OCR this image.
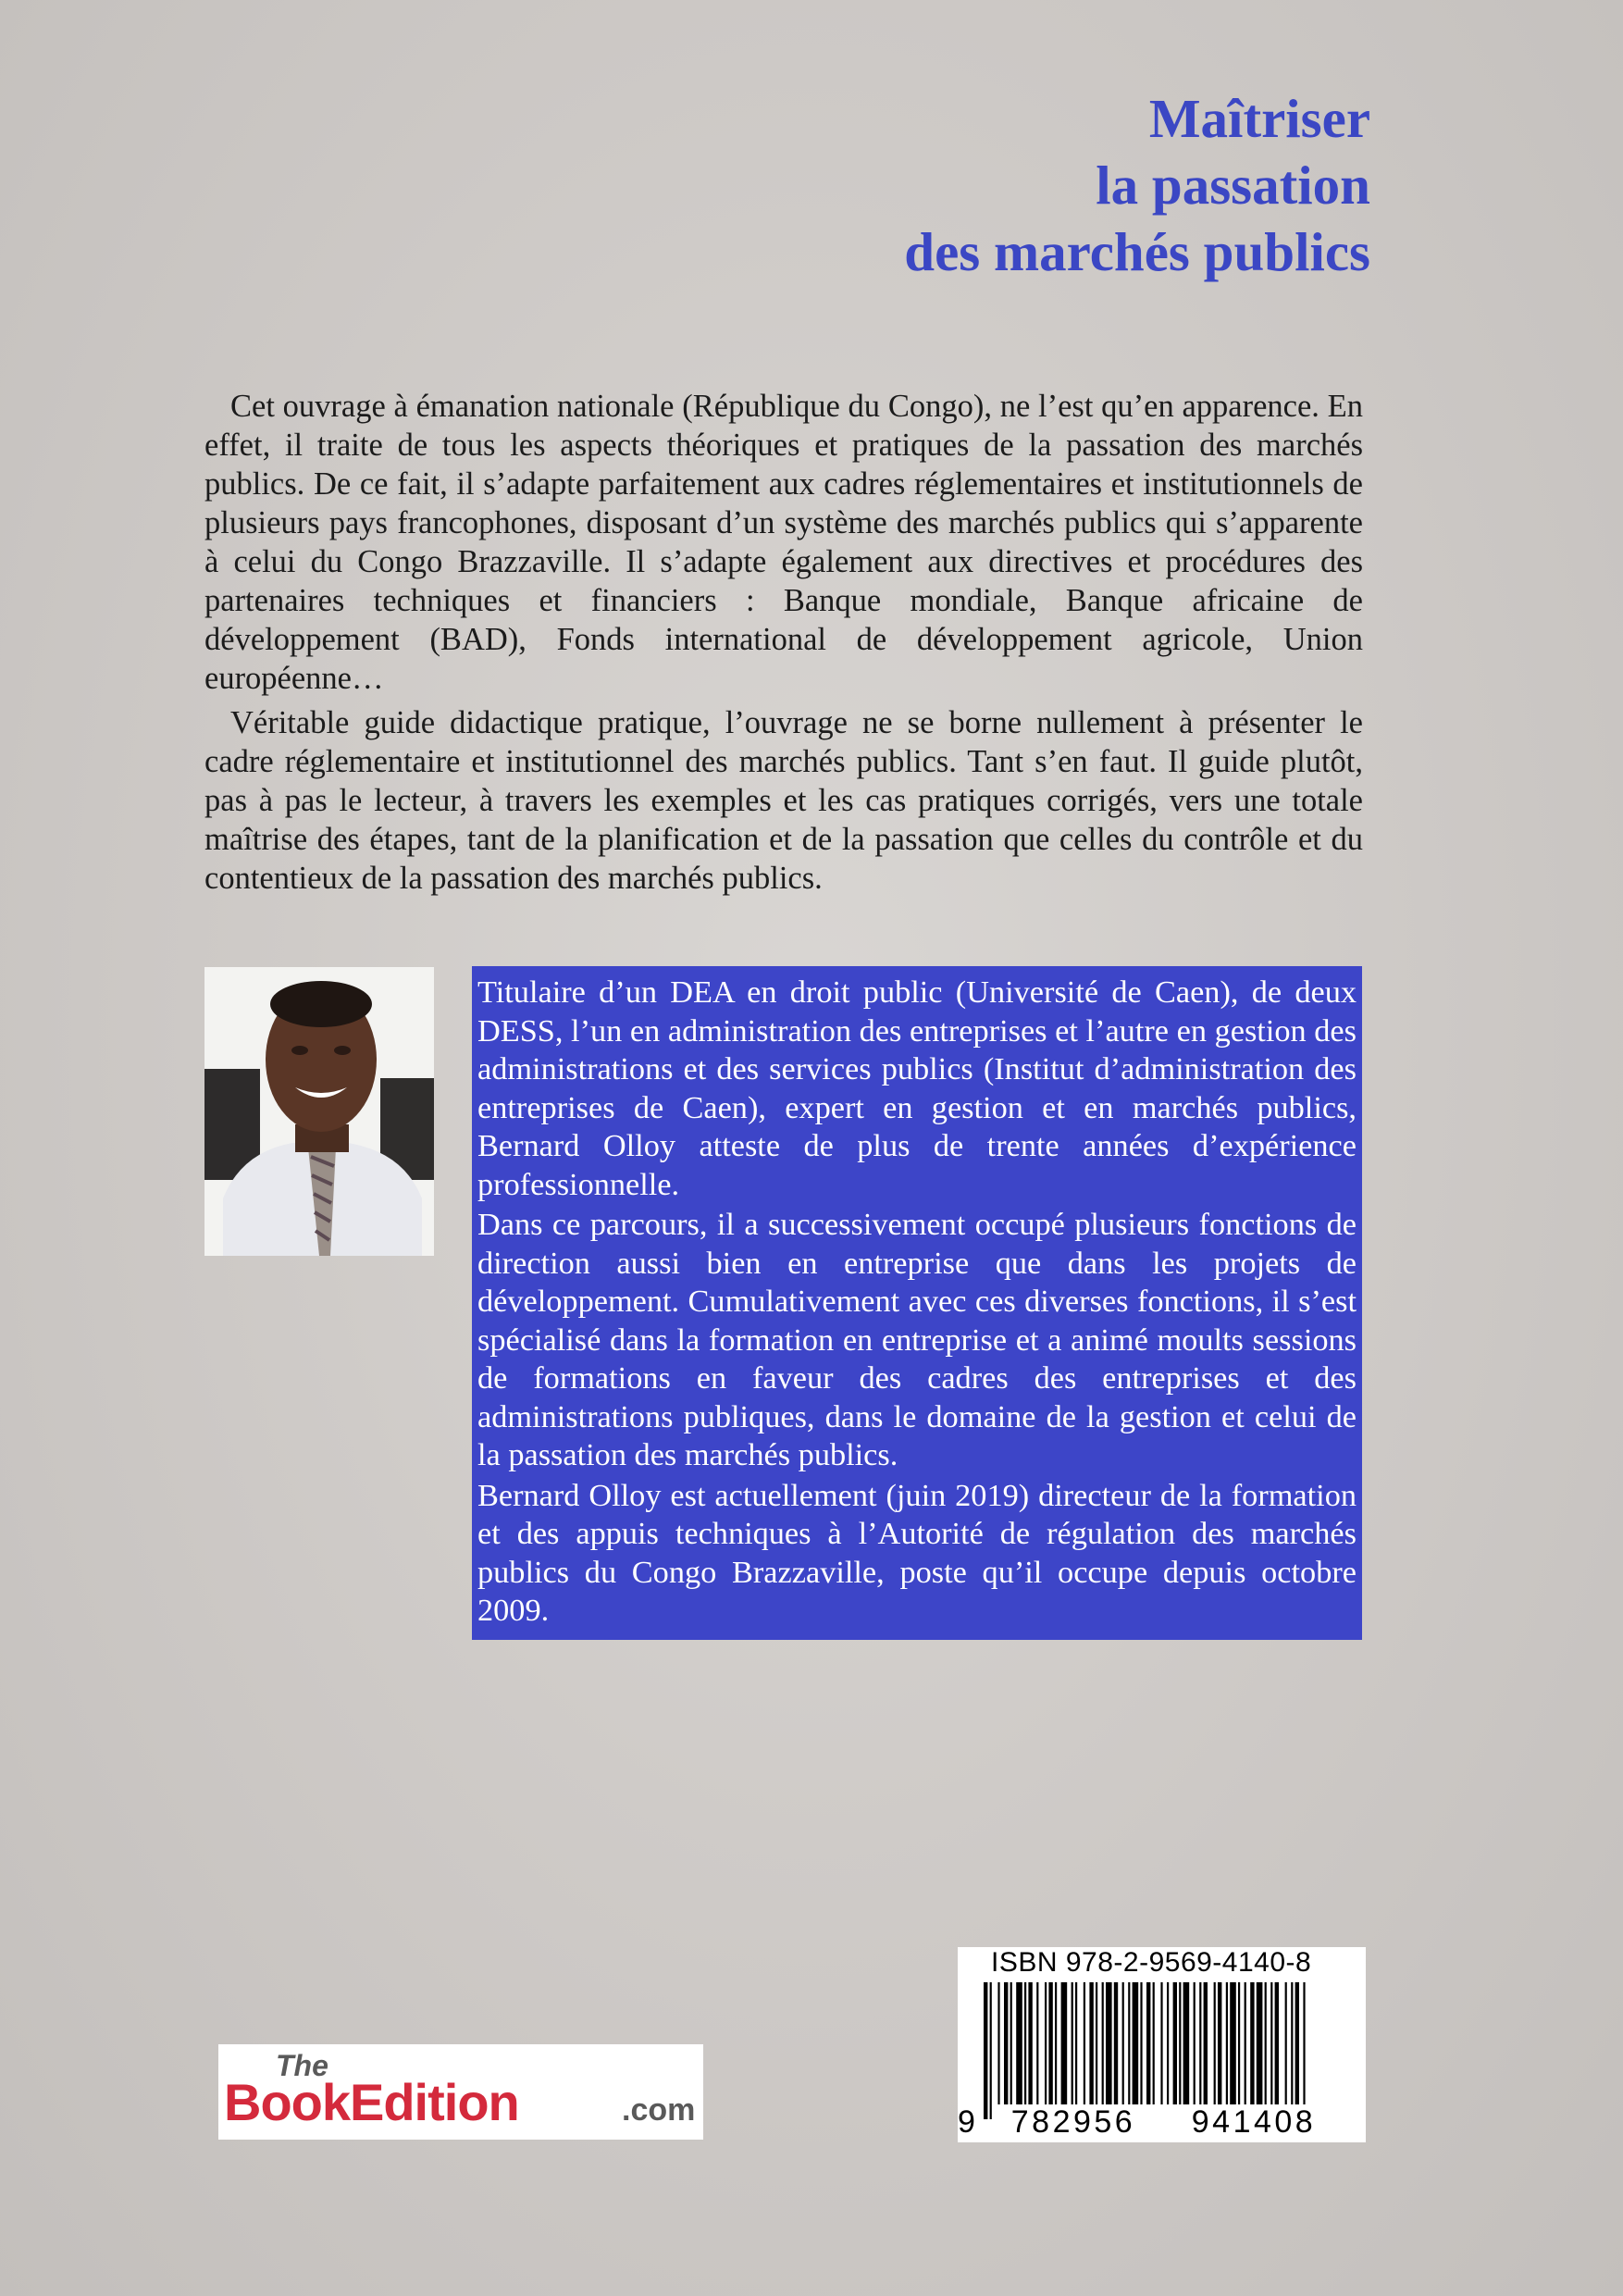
Maîtriser
la passation
des marchés publics

Cet ouvrage à émanation nationale (République du Congo), ne l’est qu’en apparence. En effet, il traite de tous les aspects théoriques et pratiques de la passation des marchés publics. De ce fait, il s’adapte parfaitement aux cadres réglementaires et institutionnels de plusieurs pays francophones, disposant d’un système des marchés publics qui s’apparente à celui du Congo Brazzaville. Il s’adapte également aux directives et procédures des partenaires techniques et financiers : Banque mondiale, Banque africaine de développement (BAD), Fonds international de développement agricole, Union européenne…

Véritable guide didactique pratique, l’ouvrage ne se borne nullement à présenter le cadre réglementaire et institutionnel des marchés publics. Tant s’en faut. Il guide plutôt, pas à pas le lecteur, à travers les exemples et les cas pratiques corrigés, vers une totale maîtrise des étapes, tant de la planification et de la passation que celles du contrôle et du contentieux de la passation des marchés publics.

Titulaire d’un DEA en droit public (Université de Caen), de deux DESS, l’un en administration des entreprises et l’autre en gestion des administrations et des services publics (Institut d’administration des entreprises de Caen), expert en gestion et en marchés publics, Bernard Olloy atteste de plus de trente années d’expérience professionnelle.

Dans ce parcours, il a successivement occupé plusieurs fonctions de direction aussi bien en entreprise que dans les projets de développement. Cumulativement avec ces diverses fonctions, il s’est spécialisé dans la formation en entreprise et a animé moults sessions de formations en faveur des cadres des entreprises et des administrations publiques, dans le domaine de la gestion et celui de la passation des marchés publics.

Bernard Olloy est actuellement (juin 2019) directeur de la formation et des appuis techniques à l’Autorité de régulation des marchés publics du Congo Brazzaville, poste qu’il occupe depuis octobre 2009.

The
BookEdition	.com
ISBN 978-2-9569-4140-8
9 782956 941408
